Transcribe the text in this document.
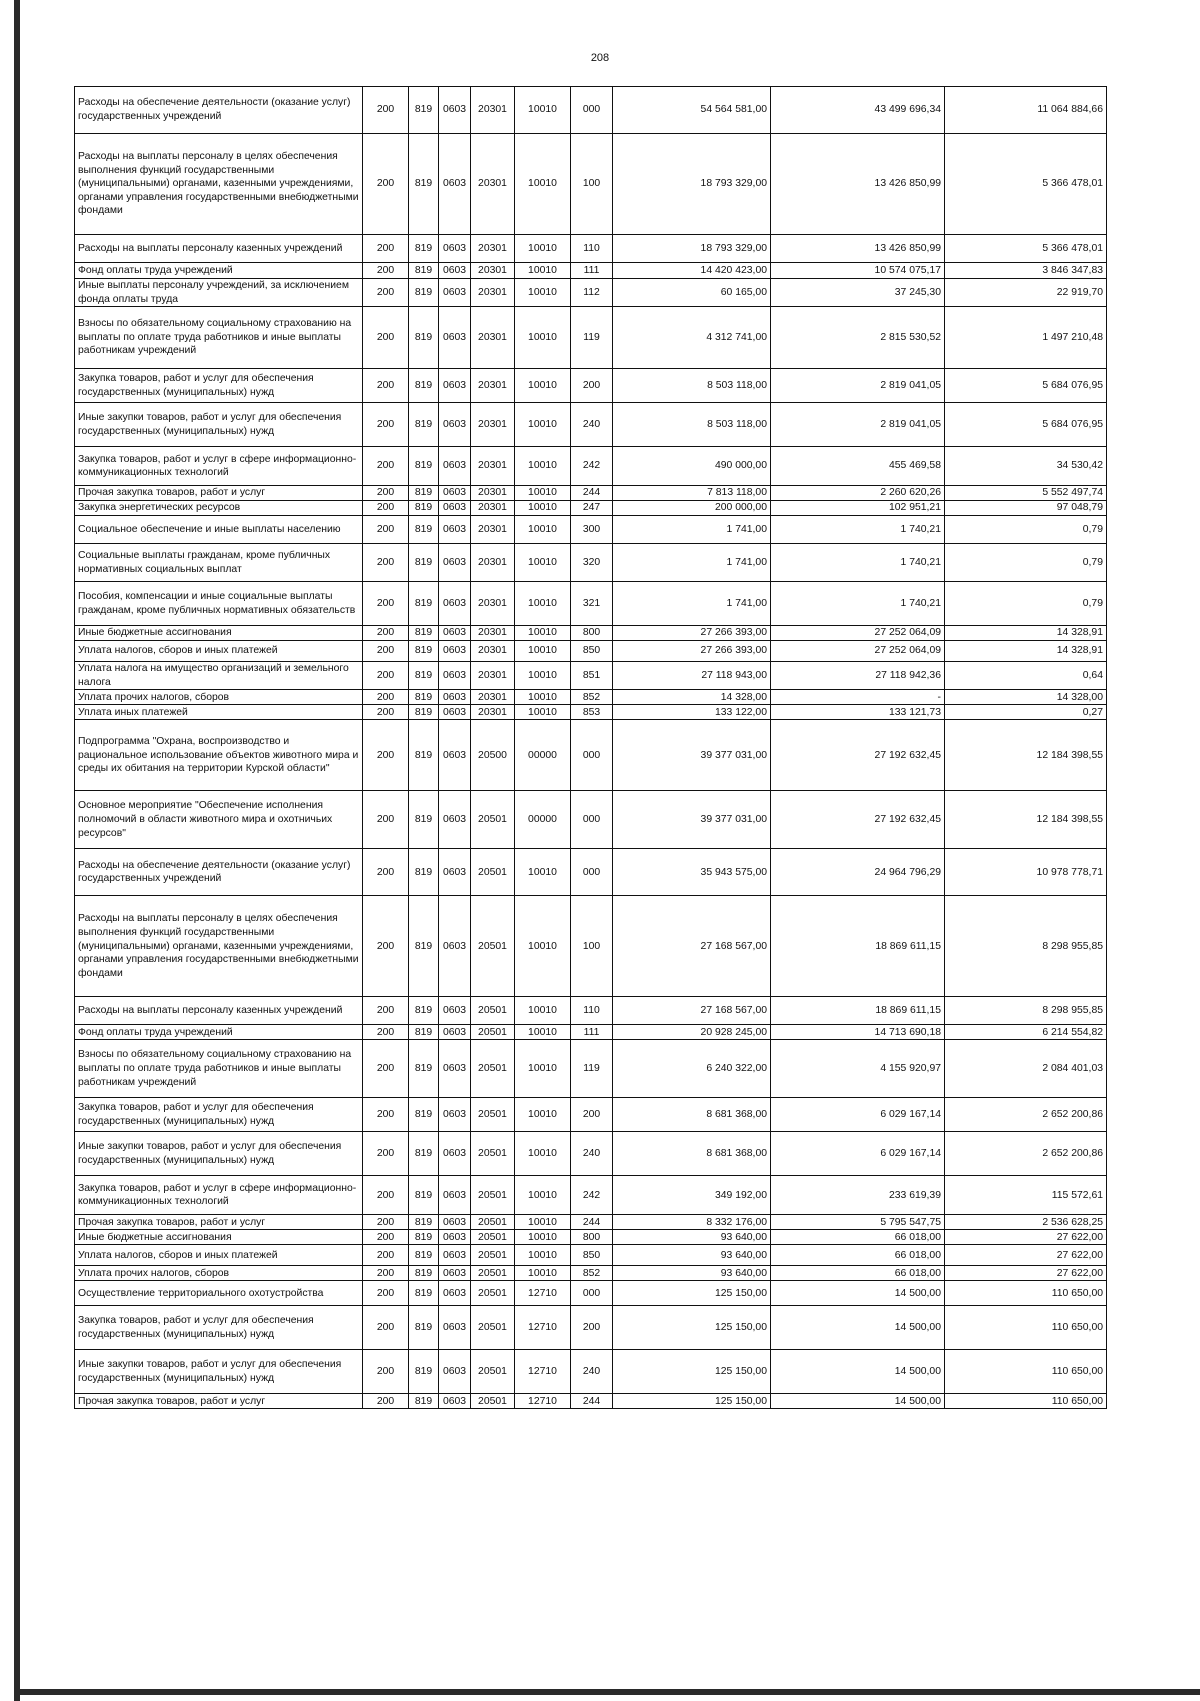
208
Расходы на обеспечение деятельности (оказание услуг) государственных учреждений	200	819	0603	20301	10010	000	54 564 581,00	43 499 696,34	11 064 884,66
Расходы на выплаты персоналу в целях обеспечения выполнения функций государственными (муниципальными) органами, казенными учреждениями, органами управления государственными внебюджетными фондами	200	819	0603	20301	10010	100	18 793 329,00	13 426 850,99	5 366 478,01
Расходы на выплаты персоналу казенных учреждений	200	819	0603	20301	10010	110	18 793 329,00	13 426 850,99	5 366 478,01
Фонд оплаты труда учреждений	200	819	0603	20301	10010	111	14 420 423,00	10 574 075,17	3 846 347,83
Иные выплаты персоналу учреждений, за исключением фонда оплаты труда	200	819	0603	20301	10010	112	60 165,00	37 245,30	22 919,70
Взносы по обязательному социальному страхованию на выплаты по оплате труда работников и иные выплаты работникам учреждений	200	819	0603	20301	10010	119	4 312 741,00	2 815 530,52	1 497 210,48
Закупка товаров, работ и услуг для обеспечения государственных (муниципальных) нужд	200	819	0603	20301	10010	200	8 503 118,00	2 819 041,05	5 684 076,95
Иные закупки товаров, работ и услуг для обеспечения государственных (муниципальных) нужд	200	819	0603	20301	10010	240	8 503 118,00	2 819 041,05	5 684 076,95
Закупка товаров, работ и услуг в сфере информационно-коммуникационных технологий	200	819	0603	20301	10010	242	490 000,00	455 469,58	34 530,42
Прочая закупка товаров, работ и услуг	200	819	0603	20301	10010	244	7 813 118,00	2 260 620,26	5 552 497,74
Закупка энергетических ресурсов	200	819	0603	20301	10010	247	200 000,00	102 951,21	97 048,79
Социальное обеспечение и иные выплаты населению	200	819	0603	20301	10010	300	1 741,00	1 740,21	0,79
Социальные выплаты гражданам, кроме публичных нормативных социальных выплат	200	819	0603	20301	10010	320	1 741,00	1 740,21	0,79
Пособия, компенсации и иные социальные выплаты гражданам, кроме публичных нормативных обязательств	200	819	0603	20301	10010	321	1 741,00	1 740,21	0,79
Иные бюджетные ассигнования	200	819	0603	20301	10010	800	27 266 393,00	27 252 064,09	14 328,91
Уплата налогов, сборов и иных платежей	200	819	0603	20301	10010	850	27 266 393,00	27 252 064,09	14 328,91
Уплата налога на имущество организаций и земельного налога	200	819	0603	20301	10010	851	27 118 943,00	27 118 942,36	0,64
Уплата прочих налогов, сборов	200	819	0603	20301	10010	852	14 328,00	-	14 328,00
Уплата иных платежей	200	819	0603	20301	10010	853	133 122,00	133 121,73	0,27
Подпрограмма "Охрана, воспроизводство и рациональное использование объектов животного мира и среды их обитания на территории Курской области"	200	819	0603	20500	00000	000	39 377 031,00	27 192 632,45	12 184 398,55
Основное мероприятие "Обеспечение исполнения полномочий в области животного мира и охотничьих ресурсов"	200	819	0603	20501	00000	000	39 377 031,00	27 192 632,45	12 184 398,55
Расходы на обеспечение деятельности (оказание услуг) государственных учреждений	200	819	0603	20501	10010	000	35 943 575,00	24 964 796,29	10 978 778,71
Расходы на выплаты персоналу в целях обеспечения выполнения функций государственными (муниципальными) органами, казенными учреждениями, органами управления государственными внебюджетными фондами	200	819	0603	20501	10010	100	27 168 567,00	18 869 611,15	8 298 955,85
Расходы на выплаты персоналу казенных учреждений	200	819	0603	20501	10010	110	27 168 567,00	18 869 611,15	8 298 955,85
Фонд оплаты труда учреждений	200	819	0603	20501	10010	111	20 928 245,00	14 713 690,18	6 214 554,82
Взносы по обязательному социальному страхованию на выплаты по оплате труда работников и иные выплаты работникам учреждений	200	819	0603	20501	10010	119	6 240 322,00	4 155 920,97	2 084 401,03
Закупка товаров, работ и услуг для обеспечения государственных (муниципальных) нужд	200	819	0603	20501	10010	200	8 681 368,00	6 029 167,14	2 652 200,86
Иные закупки товаров, работ и услуг для обеспечения государственных (муниципальных) нужд	200	819	0603	20501	10010	240	8 681 368,00	6 029 167,14	2 652 200,86
Закупка товаров, работ и услуг в сфере информационно-коммуникационных технологий	200	819	0603	20501	10010	242	349 192,00	233 619,39	115 572,61
Прочая закупка товаров, работ и услуг	200	819	0603	20501	10010	244	8 332 176,00	5 795 547,75	2 536 628,25
Иные бюджетные ассигнования	200	819	0603	20501	10010	800	93 640,00	66 018,00	27 622,00
Уплата налогов, сборов и иных платежей	200	819	0603	20501	10010	850	93 640,00	66 018,00	27 622,00
Уплата прочих налогов, сборов	200	819	0603	20501	10010	852	93 640,00	66 018,00	27 622,00
Осуществление территориального охотустройства	200	819	0603	20501	12710	000	125 150,00	14 500,00	110 650,00
Закупка товаров, работ и услуг для обеспечения государственных (муниципальных) нужд	200	819	0603	20501	12710	200	125 150,00	14 500,00	110 650,00
Иные закупки товаров, работ и услуг для обеспечения государственных (муниципальных) нужд	200	819	0603	20501	12710	240	125 150,00	14 500,00	110 650,00
Прочая закупка товаров, работ и услуг	200	819	0603	20501	12710	244	125 150,00	14 500,00	110 650,00
